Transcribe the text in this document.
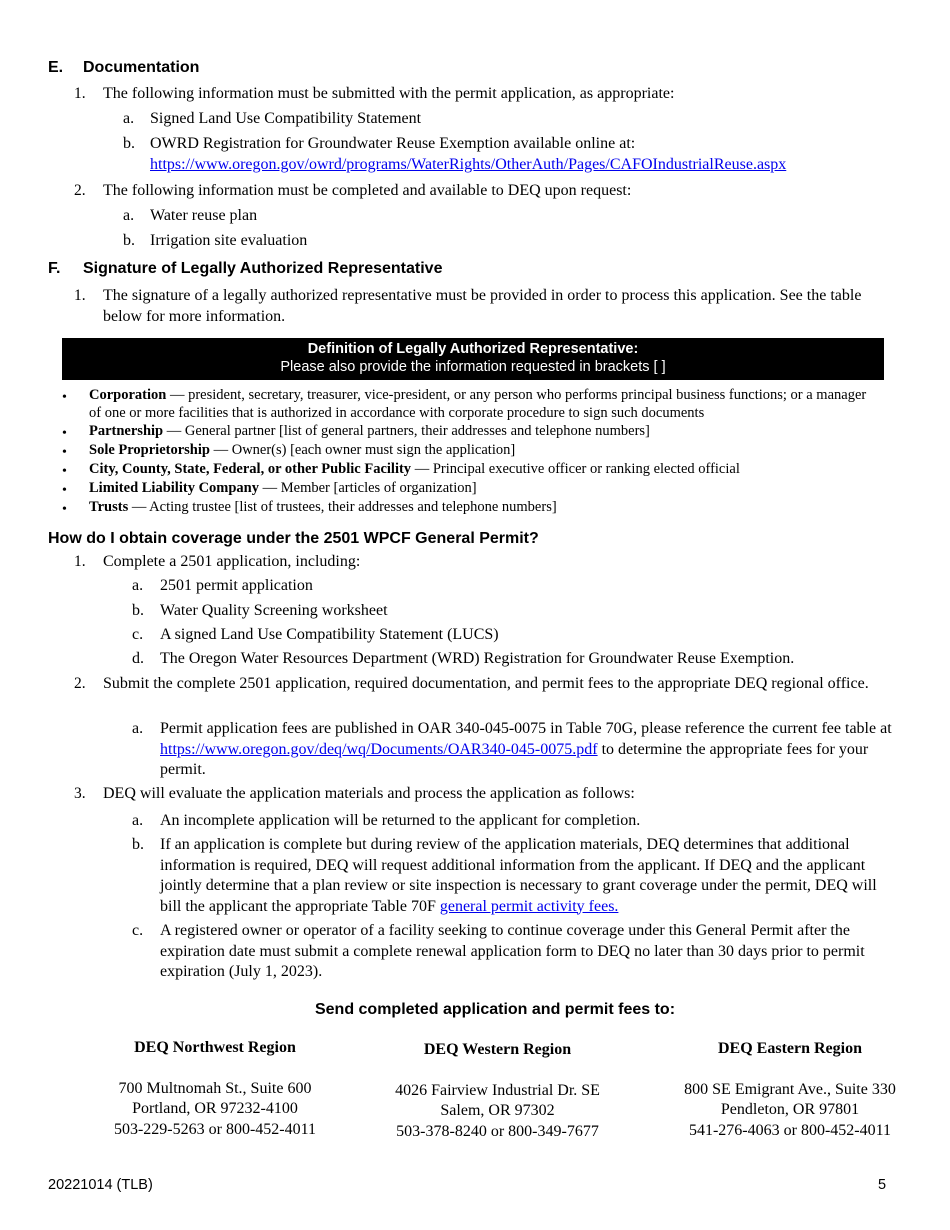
E. Documentation
1.	The following information must be submitted with the permit application, as appropriate:
a. Signed Land Use Compatibility Statement
b. OWRD Registration for Groundwater Reuse Exemption available online at:
https://www.oregon.gov/owrd/programs/WaterRights/OtherAuth/Pages/CAFOIndustrialReuse.aspx
2.	The following information must be completed and available to DEQ upon request:
a. Water reuse plan
b. Irrigation site evaluation
F. Signature of Legally Authorized Representative
1.	The signature of a legally authorized representative must be provided in order to process this application. See the table below for more information.
Definition of Legally Authorized Representative:
Please also provide the information requested in brackets [ ]
• Corporation — president, secretary, treasurer, vice-president, or any person who performs principal business functions; or a manager of one or more facilities that is authorized in accordance with corporate procedure to sign such documents
• Partnership — General partner [list of general partners, their addresses and telephone numbers]
• Sole Proprietorship — Owner(s) [each owner must sign the application]
• City, County, State, Federal, or other Public Facility — Principal executive officer or ranking elected official
• Limited Liability Company — Member [articles of organization]
• Trusts — Acting trustee [list of trustees, their addresses and telephone numbers]
How do I obtain coverage under the 2501 WPCF General Permit?
1.	Complete a 2501 application, including:
a. 2501 permit application
b. Water Quality Screening worksheet
c. A signed Land Use Compatibility Statement (LUCS)
d. The Oregon Water Resources Department (WRD) Registration for Groundwater Reuse Exemption.
2.	Submit the complete 2501 application, required documentation, and permit fees to the appropriate DEQ regional office.
a. Permit application fees are published in OAR 340-045-0075 in Table 70G, please reference the current fee table at https://www.oregon.gov/deq/wq/Documents/OAR340-045-0075.pdf to determine the appropriate fees for your permit.
3.	DEQ will evaluate the application materials and process the application as follows:
a. An incomplete application will be returned to the applicant for completion.
b. If an application is complete but during review of the application materials, DEQ determines that additional information is required, DEQ will request additional information from the applicant. If DEQ and the applicant jointly determine that a plan review or site inspection is necessary to grant coverage under the permit, DEQ will bill the applicant the appropriate Table 70F general permit activity fees.
c. A registered owner or operator of a facility seeking to continue coverage under this General Permit after the expiration date must submit a complete renewal application form to DEQ no later than 30 days prior to permit expiration (July 1, 2023).
Send completed application and permit fees to:
DEQ Northwest Region
700 Multnomah St., Suite 600
Portland, OR 97232-4100
503-229-5263 or 800-452-4011
DEQ Western Region
4026 Fairview Industrial Dr. SE
Salem, OR 97302
503-378-8240 or 800-349-7677
DEQ Eastern Region
800 SE Emigrant Ave., Suite 330
Pendleton, OR 97801
541-276-4063 or 800-452-4011
20221014 (TLB)	5
